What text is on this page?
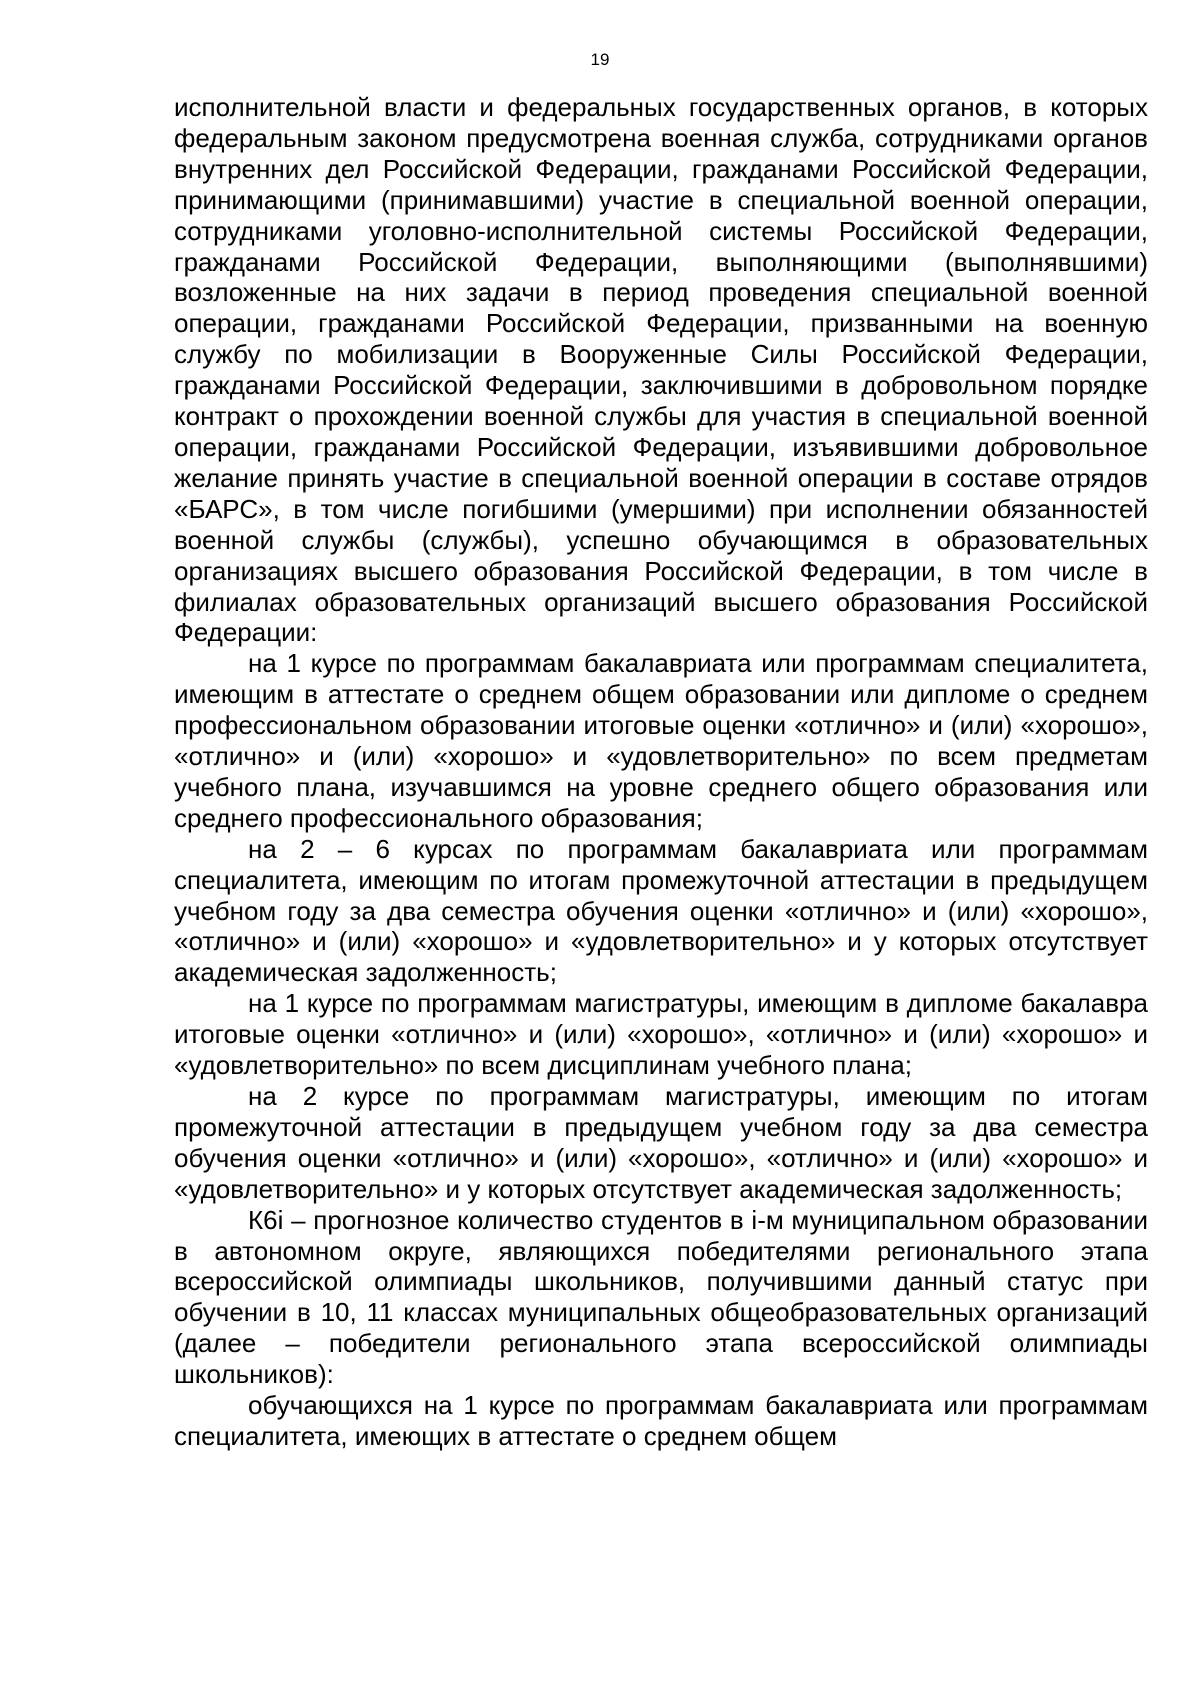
19

исполнительной власти и федеральных государственных органов, в которых федеральным законом предусмотрена военная служба, сотрудниками органов внутренних дел Российской Федерации, гражданами Российской Федерации, принимающими (принимавшими) участие в специальной военной операции, сотрудниками уголовно-исполнительной системы Российской Федерации, гражданами Российской Федерации, выполняющими (выполнявшими) возложенные на них задачи в период проведения специальной военной операции, гражданами Российской Федерации, призванными на военную службу по мобилизации в Вооруженные Силы Российской Федерации, гражданами Российской Федерации, заключившими в добровольном порядке контракт о прохождении военной службы для участия в специальной военной операции, гражданами Российской Федерации, изъявившими добровольное желание принять участие в специальной военной операции в составе отрядов «БАРС», в том числе погибшими (умершими) при исполнении обязанностей военной службы (службы), успешно обучающимся в образовательных организациях высшего образования Российской Федерации, в том числе в филиалах образовательных организаций высшего образования Российской Федерации:

на 1 курсе по программам бакалавриата или программам специалитета, имеющим в аттестате о среднем общем образовании или дипломе о среднем профессиональном образовании итоговые оценки «отлично» и (или) «хорошо», «отлично» и (или) «хорошо» и «удовлетворительно» по всем предметам учебного плана, изучавшимся на уровне среднего общего образования или среднего профессионального образования;

на 2 – 6 курсах по программам бакалавриата или программам специалитета, имеющим по итогам промежуточной аттестации в предыдущем учебном году за два семестра обучения оценки «отлично» и (или) «хорошо», «отлично» и (или) «хорошо» и «удовлетворительно» и у которых отсутствует академическая задолженность;

на 1 курсе по программам магистратуры, имеющим в дипломе бакалавра итоговые оценки «отлично» и (или) «хорошо», «отлично» и (или) «хорошо» и «удовлетворительно» по всем дисциплинам учебного плана;

на 2 курсе по программам магистратуры, имеющим по итогам промежуточной аттестации в предыдущем учебном году за два семестра обучения оценки «отлично» и (или) «хорошо», «отлично» и (или) «хорошо» и «удовлетворительно» и у которых отсутствует академическая задолженность;

К6i – прогнозное количество студентов в i-м муниципальном образовании в автономном округе, являющихся победителями регионального этапа всероссийской олимпиады школьников, получившими данный статус при обучении в 10, 11 классах муниципальных общеобразовательных организаций (далее – победители регионального этапа всероссийской олимпиады школьников):

обучающихся на 1 курсе по программам бакалавриата или программам специалитета, имеющих в аттестате о среднем общем
